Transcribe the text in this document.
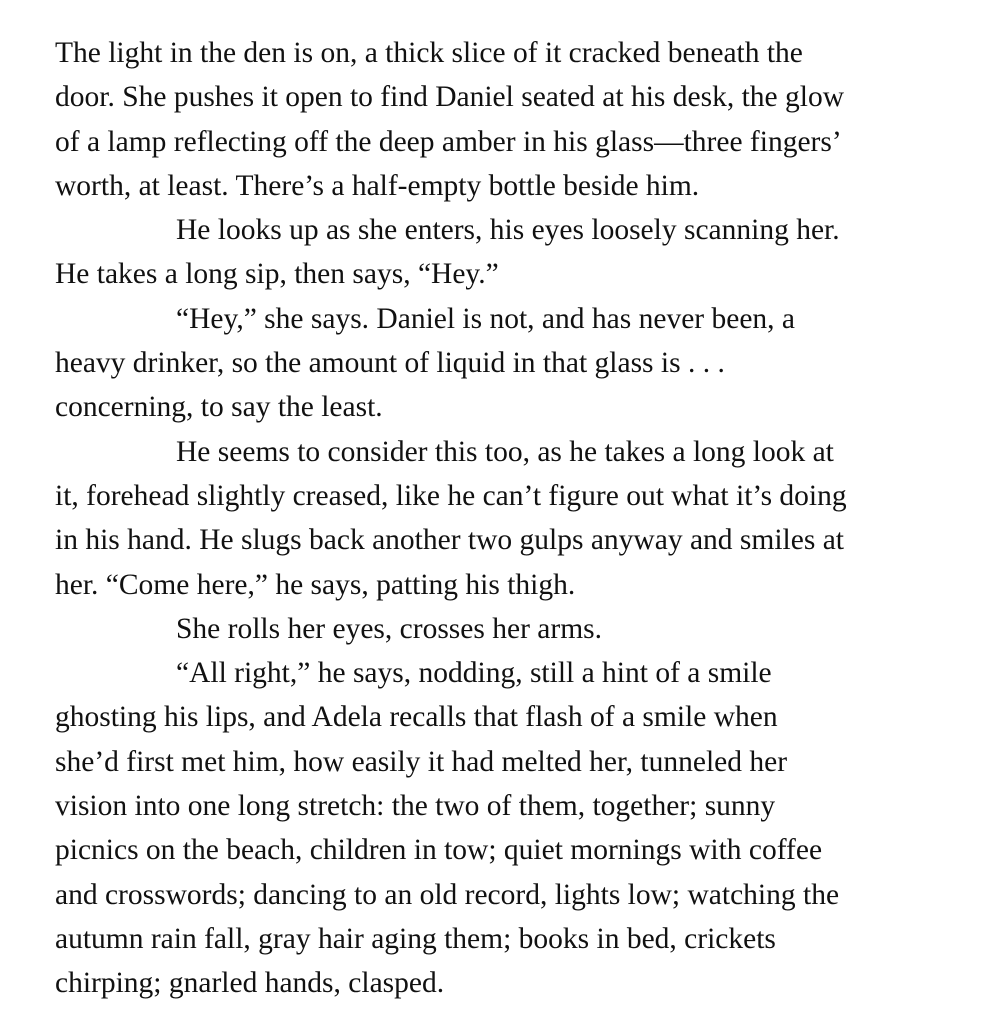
The light in the den is on, a thick slice of it cracked beneath the
door. She pushes it open to find Daniel seated at his desk, the glow
of a lamp reflecting off the deep amber in his glass—three fingers’
worth, at least. There’s a half-empty bottle beside him.

He looks up as she enters, his eyes loosely scanning her.
He takes a long sip, then says, “Hey.”

“Hey,” she says. Daniel is not, and has never been, a
heavy drinker, so the amount of liquid in that glass is . . .
concerning, to say the least.

He seems to consider this too, as he takes a long look at
it, forehead slightly creased, like he can’t figure out what it’s doing
in his hand. He slugs back another two gulps anyway and smiles at
her. “Come here,” he says, patting his thigh.

She rolls her eyes, crosses her arms.

“All right,” he says, nodding, still a hint of a smile
ghosting his lips, and Adela recalls that flash of a smile when
she’d first met him, how easily it had melted her, tunneled her
vision into one long stretch: the two of them, together; sunny
picnics on the beach, children in tow; quiet mornings with coffee
and crosswords; dancing to an old record, lights low; watching the
autumn rain fall, gray hair aging them; books in bed, crickets
chirping; gnarled hands, clasped.
